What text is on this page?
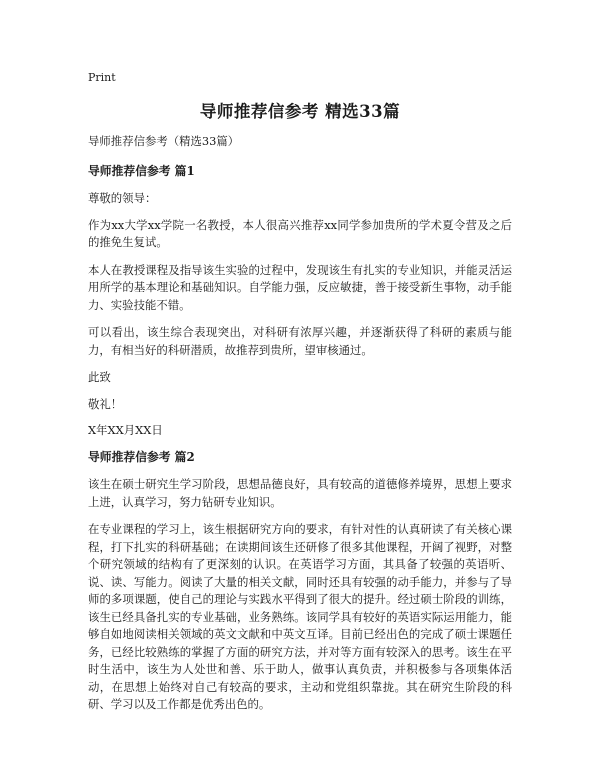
Print
导师推荐信参考 精选33篇

导师推荐信参考（精选33篇）

导师推荐信参考 篇1

尊敬的领导：

作为xx大学xx学院一名教授，本人很高兴推荐xx同学参加贵所的学术夏令营及之后的推免生复试。

本人在教授课程及指导该生实验的过程中，发现该生有扎实的专业知识，并能灵活运用所学的基本理论和基础知识。自学能力强，反应敏捷，善于接受新生事物，动手能力、实验技能不错。

可以看出，该生综合表现突出，对科研有浓厚兴趣，并逐渐获得了科研的素质与能力，有相当好的科研潜质，故推荐到贵所，望审核通过。

此致

敬礼！

X年XX月XX日

导师推荐信参考 篇2

该生在硕士研究生学习阶段，思想品德良好，具有较高的道德修养境界，思想上要求上进，认真学习，努力钻研专业知识。

在专业课程的学习上，该生根据研究方向的要求，有针对性的认真研读了有关核心课程，打下扎实的科研基础；在读期间该生还研修了很多其他课程，开阔了视野，对整个研究领域的结构有了更深刻的认识。在英语学习方面，其具备了较强的英语听、说、读、写能力。阅读了大量的相关文献，同时还具有较强的动手能力，并参与了导师的多项课题，使自己的理论与实践水平得到了很大的提升。经过硕士阶段的训练，该生已经具备扎实的专业基础，业务熟练。该同学具有较好的英语实际运用能力，能够自如地阅读相关领域的英文文献和中英文互译。目前已经出色的完成了硕士课题任务，已经比较熟练的掌握了方面的研究方法，并对等方面有较深入的思考。该生在平时生活中，该生为人处世和善、乐于助人，做事认真负责，并积极参与各项集体活动，在思想上始终对自己有较高的要求，主动和党组织靠拢。其在研究生阶段的科研、学习以及工作都是优秀出色的。
